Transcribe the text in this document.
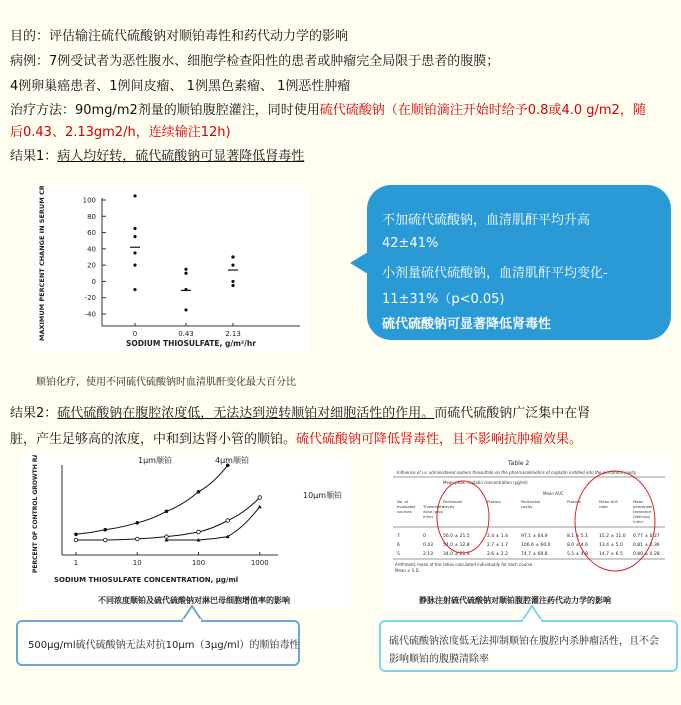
目的：评估输注硫代硫酸钠对顺铂毒性和药代动力学的影响
病例：7例受试者为恶性腹水、细胞学检查阳性的患者或肿瘤完全局限于患者的腹膜；
4例卵巢癌患者、1例间皮瘤、 1例黑色素瘤、 1例恶性肿瘤
治疗方法：90mg/m2剂量的顺铂腹腔灌注，同时使用硫代硫酸钠（在顺铂滴注开始时给予0.8或4.0 g/m2，随
后0.43、2.13gm2/h，连续输注12h)
结果1：病人均好转，硫代硫酸钠可显著降低肾毒性
MAXIMUM PERCENT CHANGE IN SERUM CREATININE	100
80
60
40
20
0
-20
-40
0	0.43	2.13
SODIUM THIOSULFATE, g/m²/hr
顺铂化疗，使用不同硫代硫酸钠时血清肌酐变化最大百分比
不加硫代硫酸钠，血清肌酐平均升高
42±41%
小剂量硫代硫酸钠，血清肌酐平均变化-
11±31%（p<0.05)
硫代硫酸钠可显著降低肾毒性
结果2：硫代硫酸钠在腹腔浓度低，无法达到逆转顺铂对细胞活性的作用。而硫代硫酸钠广泛集中在肾
脏，产生足够高的浓度，中和到达肾小管的顺铂。硫代硫酸钠可降低肾毒性，且不影响抗肿瘤效果。
PERCENT OF CONTROL GROWTH RATE	1	10	100	1000
1μm顺铂	4μm顺铂
10μm顺铂
SODIUM THIOSULFATE CONCENTRATION, μg/ml
不同浓度顺铂及硫代硫酸钠对淋巴母细胞增值率的影响
Table 2
Influence of i.v. administered sodium thiosulfate on the pharmacokinetics of cisplatin instilled into the peritoneal cavity
Mean peak cisplatin concentration (μg/ml)
Mean AUC
No. of
evaluable
courses
Thiosulfate
dose (g/sq
m/hr)
Peritoneal
cavity
Plasma	Peritoneal
cavity
Plasma	Mean AUC
ratio
Mean
peritoneal
clearance
(liters/sq
m/hr)
7	0	56.0 ± 21.5	2.4 ± 1.4	97.1 ± 64.9	8.1 ± 5.1 15.2 ± 11.0 0.77 ± 0.27
6	0.43 54.0 ± 12.8	2.7 ± 1.7	106.6 ± 60.0	8.0 ± 4.6 13.4 ± 5.0 0.81 ± 0.36
5	2.13 34.0 ± 21.3	2.6 ± 2.2	74.7 ± 60.8	5.5 ± 4.8 14.7 ± 6.5 0.80 ± 0.28
Arithmetic mean of the ratios calculated individually for each course.
Mean ± S.D.
静脉注射硫代硫酸钠对顺铂腹腔灌注药代动力学的影响
500μg/ml硫代硫酸钠无法对抗10μm（3μg/ml）的顺铂毒性	硫代硫酸钠浓度低无法抑制顺铂在腹腔内杀肿瘤活性，且不会
影响顺铂的腹膜清除率
